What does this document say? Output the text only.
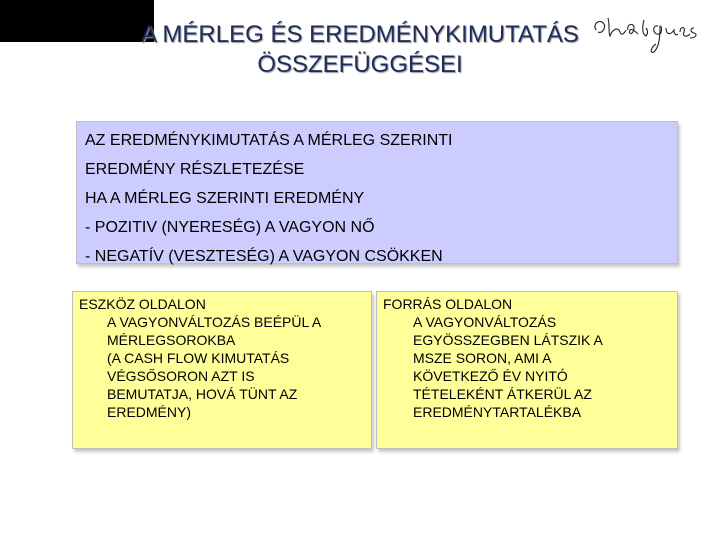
A MÉRLEG ÉS EREDMÉNYKIMUTATÁS
ÖSSZEFÜGGÉSEI
AZ EREDMÉNYKIMUTATÁS A MÉRLEG SZERINTI
EREDMÉNY RÉSZLETEZÉSE
HA A MÉRLEG SZERINTI EREDMÉNY
- POZITIV (NYERESÉG) A VAGYON NŐ
- NEGATÍV (VESZTESÉG) A VAGYON CSÖKKEN
ESZKÖZ OLDALON
A VAGYONVÁLTOZÁS BEÉPÜL A
MÉRLEGSOROKBA
(A CASH FLOW KIMUTATÁS
VÉGSŐSORON AZT IS
BEMUTATJA, HOVÁ TÜNT AZ
EREDMÉNY)
FORRÁS OLDALON
A VAGYONVÁLTOZÁS
EGYÖSSZEGBEN LÁTSZIK A
MSZE SORON, AMI A
KÖVETKEZŐ ÉV NYITÓ
TÉTELEKÉNT ÁTKERÜL AZ
EREDMÉNYTARTALÉKBA
